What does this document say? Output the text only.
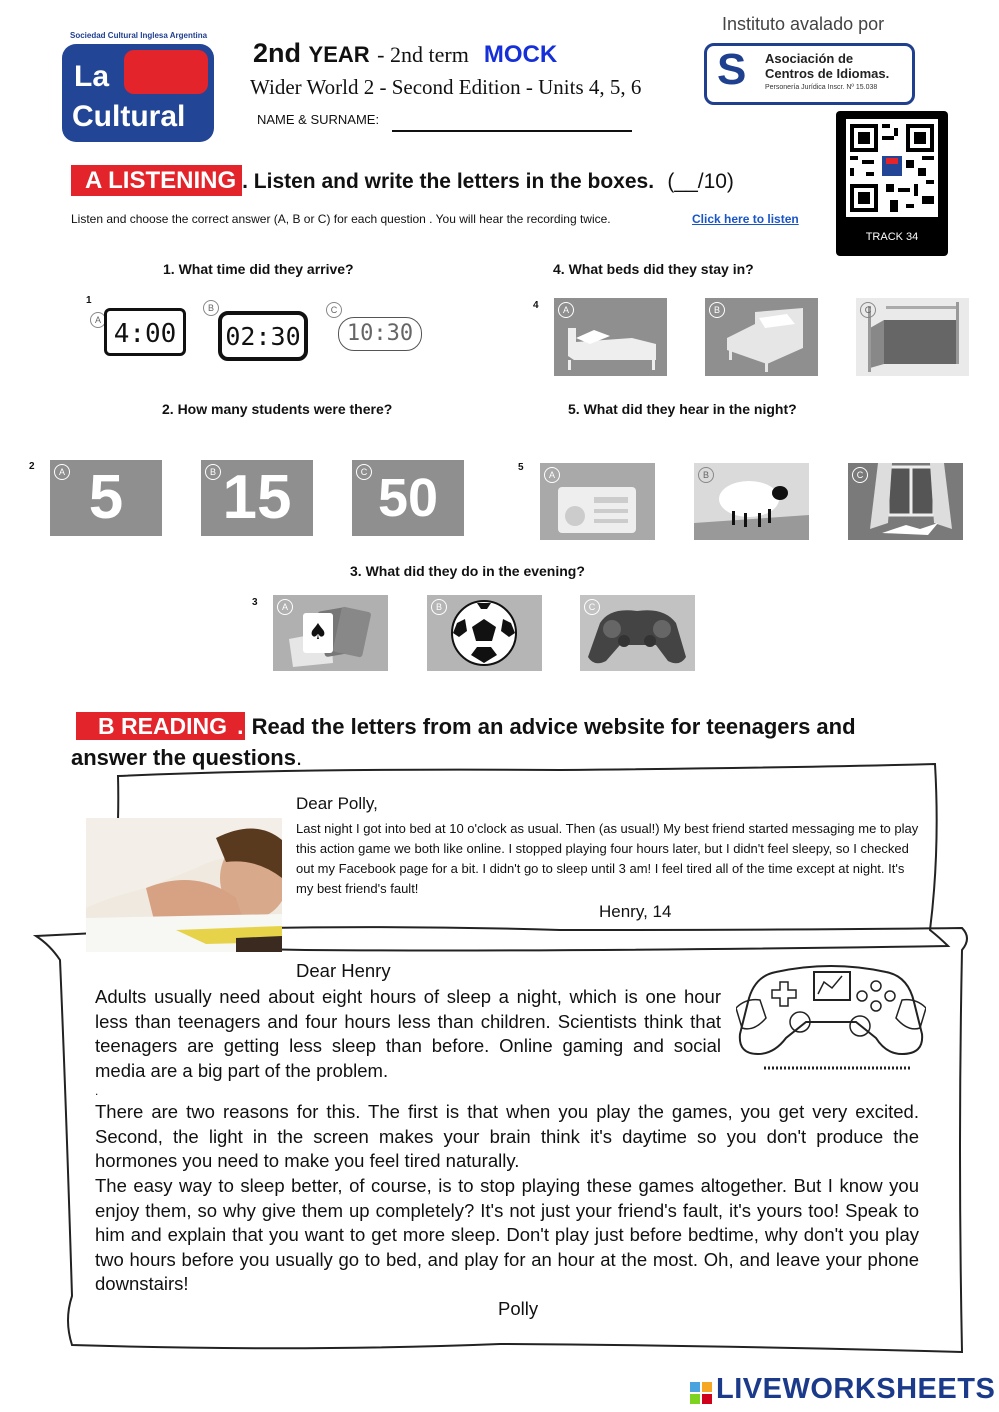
Sociedad Cultural Inglesa Argentina
La
Cultural
2nd YEAR - 2nd term MOCK
Wider World 2 - Second Edition - Units 4, 5, 6
NAME & SURNAME:
Instituto avalado por
S	Asociación de
Centros de Idiomas.
Personería Jurídica Inscr. Nº 15.038
TRACK 34
A LISTENING . Listen and write the letters in the boxes. (__/10)
Listen and choose the correct answer (A, B or C) for each question . You will hear the recording twice.	Click here to listen
1. What time did they arrive?
1
A 4:00
B
02:30
C
10:30
4. What beds did they stay in?
4	A	B	C
2. How many students were there?
2 5
A	15
B	50
C
5. What did they hear in the night?
5
A	B	C
3. What did they do in the evening?
3	A
♠
B	C
B READING . Read the letters from an advice website for teenagers and
answer the questions.
Dear Polly,
Last night I got into bed at 10 o'clock as usual. Then (as usual!) My best friend started messaging me to play this action game we both like online. I stopped playing four hours later, but I didn't feel sleepy, so I checked out my Facebook page for a bit. I didn't go to sleep until 3 am! I feel tired all of the time except at night. It's my best friend's fault!
Henry, 14
Dear Henry
Adults usually need about eight hours of sleep a night, which is one hour less than teenagers and four hours less than children. Scientists think that teenagers are getting less sleep than before. Online gaming and social media are a big part of the problem.
.
There are two reasons for this. The first is that when you play the games, you get very excited. Second, the light in the screen makes your brain think it's daytime so you don't produce the hormones you need to make you feel tired naturally.
The easy way to sleep better, of course, is to stop playing these games altogether. But I know you enjoy them, so why give them up completely? It's not just your friend's fault, it's yours too! Speak to him and explain that you want to get more sleep. Don't play just before bedtime, why don't you play two hours before you usually go to bed, and play for an hour at the most. Oh, and leave your phone downstairs!
Polly
LIVEWORKSHEETS
